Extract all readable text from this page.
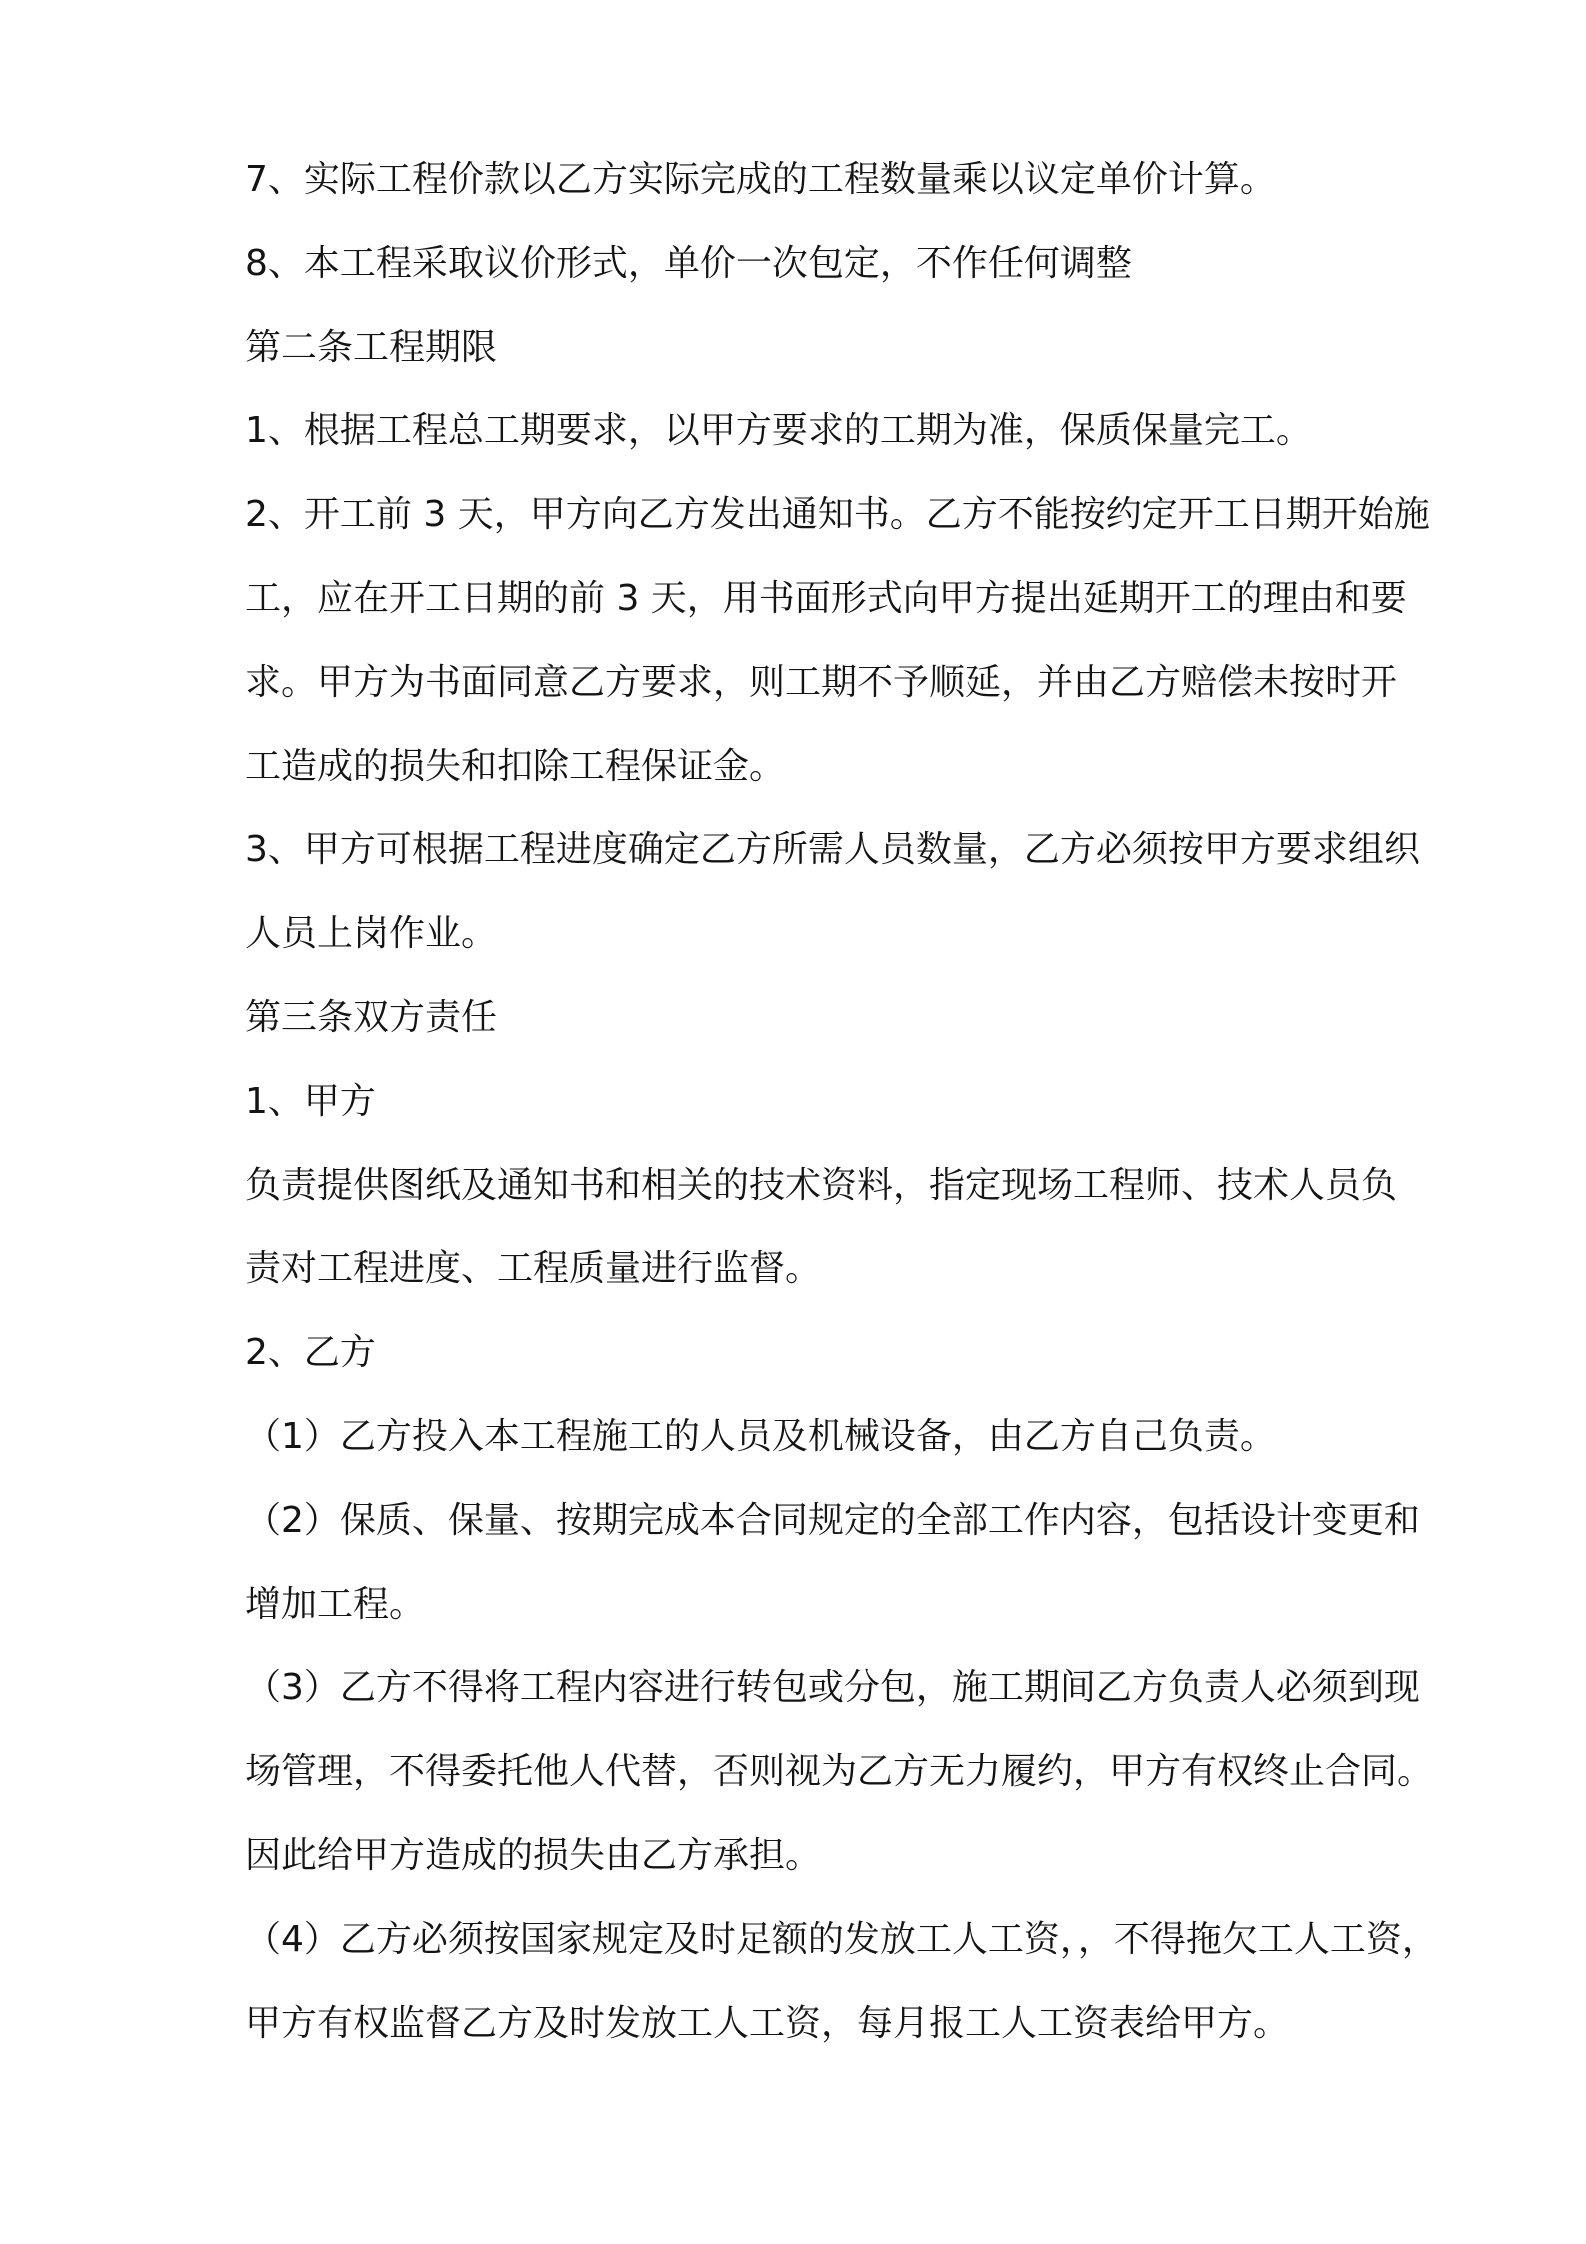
7、实际工程价款以乙方实际完成的工程数量乘以议定单价计算。
8、本工程采取议价形式，单价一次包定，不作任何调整
第二条工程期限
1、根据工程总工期要求，以甲方要求的工期为准，保质保量完工。
2、开工前 3 天，甲方向乙方发出通知书。乙方不能按约定开工日期开始施
工，应在开工日期的前 3 天，用书面形式向甲方提出延期开工的理由和要
求。甲方为书面同意乙方要求，则工期不予顺延，并由乙方赔偿未按时开
工造成的损失和扣除工程保证金。
3、甲方可根据工程进度确定乙方所需人员数量，乙方必须按甲方要求组织
人员上岗作业。
第三条双方责任
1、甲方
负责提供图纸及通知书和相关的技术资料，指定现场工程师、技术人员负
责对工程进度、工程质量进行监督。
2、乙方
（1）乙方投入本工程施工的人员及机械设备，由乙方自己负责。
（2）保质、保量、按期完成本合同规定的全部工作内容，包括设计变更和
增加工程。
（3）乙方不得将工程内容进行转包或分包，施工期间乙方负责人必须到现
场管理，不得委托他人代替，否则视为乙方无力履约，甲方有权终止合同。
因此给甲方造成的损失由乙方承担。
（4）乙方必须按国家规定及时足额的发放工人工资，，不得拖欠工人工资，
甲方有权监督乙方及时发放工人工资，每月报工人工资表给甲方。
